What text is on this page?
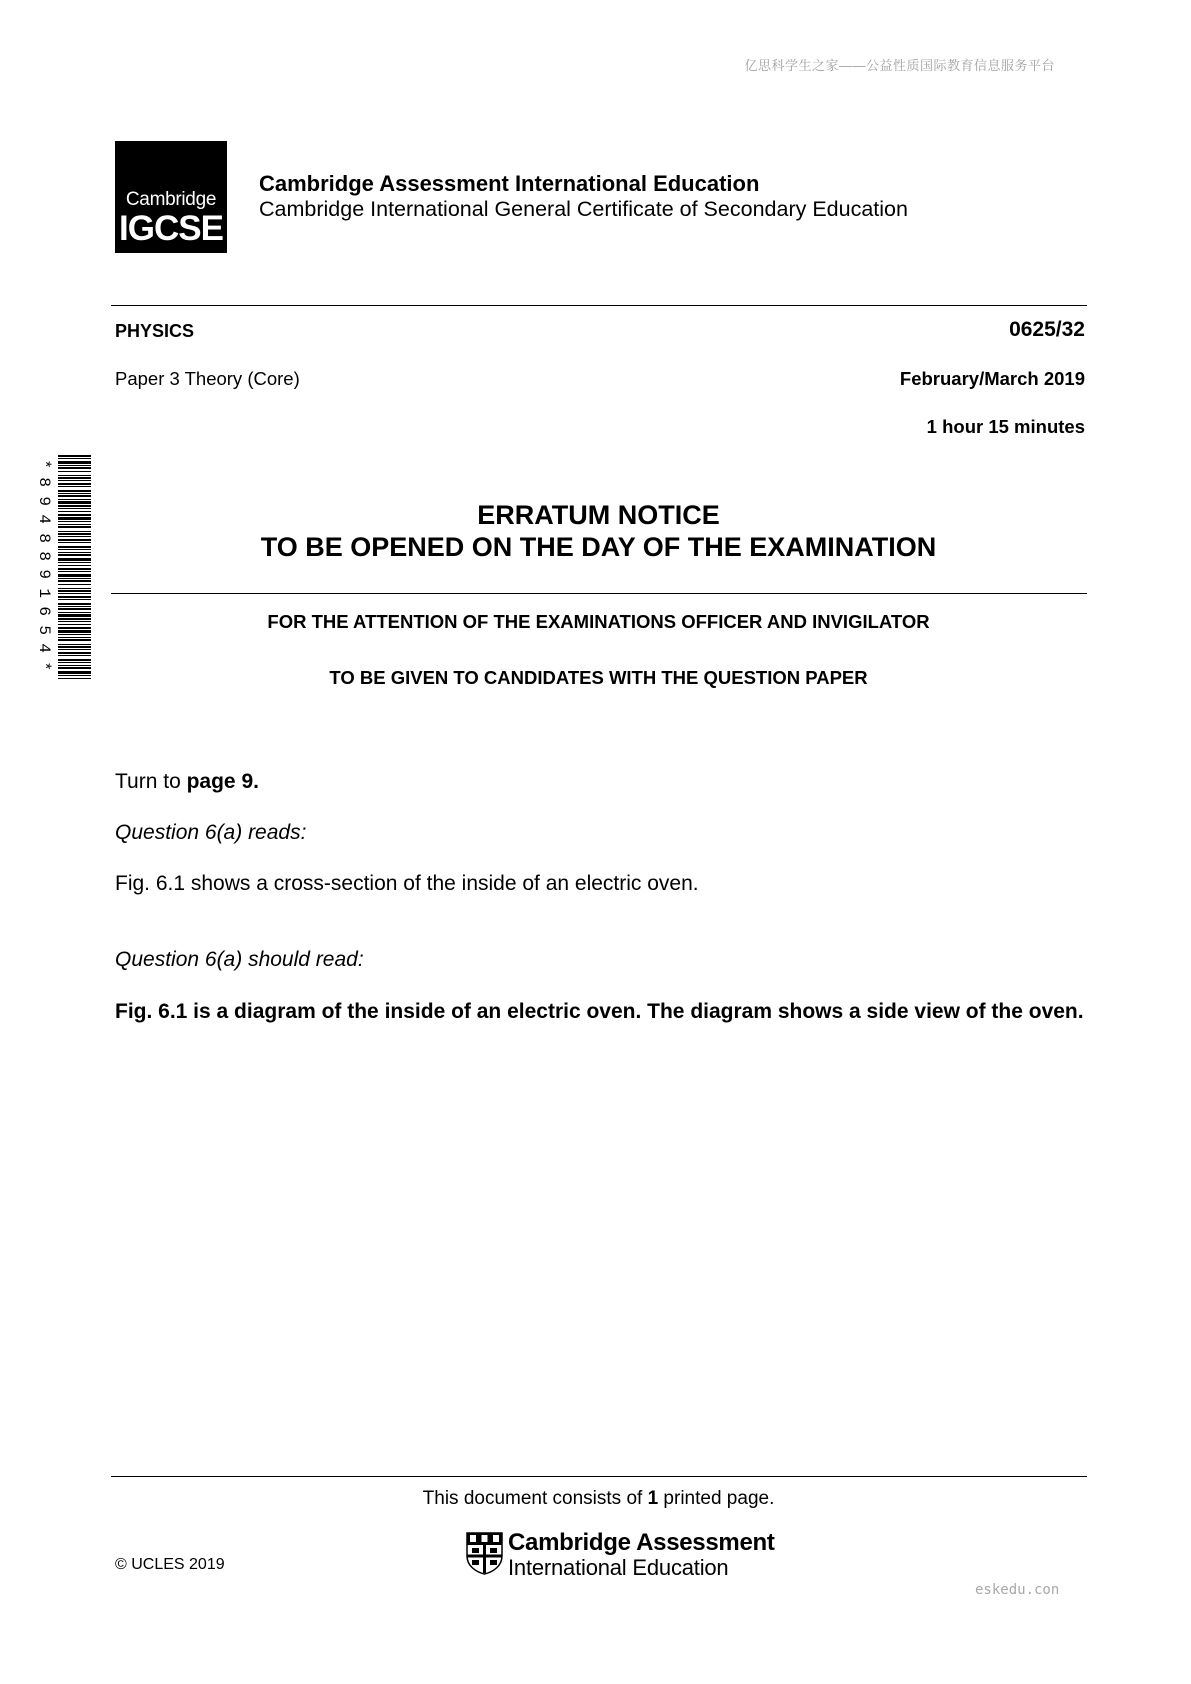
亿思科学生之家——公益性质国际教育信息服务平台
Cambridge
IGCSE
Cambridge Assessment International Education
Cambridge International General Certificate of Secondary Education
PHYSICS	0625/32
Paper 3 Theory (Core)	February/March 2019
1 hour 15 minutes
*
8
9
4
8
8
9
1
6
5
4
*
ERRATUM NOTICE
TO BE OPENED ON THE DAY OF THE EXAMINATION
FOR THE ATTENTION OF THE EXAMINATIONS OFFICER AND INVIGILATOR
TO BE GIVEN TO CANDIDATES WITH THE QUESTION PAPER
Turn to page 9.
Question 6(a) reads:
Fig. 6.1 shows a cross-section of the inside of an electric oven.
Question 6(a) should read:
Fig. 6.1 is a diagram of the inside of an electric oven. The diagram shows a side view of the oven.
This document consists of 1 printed page.
© UCLES 2019
Cambridge Assessment
International Education
eskedu.con
